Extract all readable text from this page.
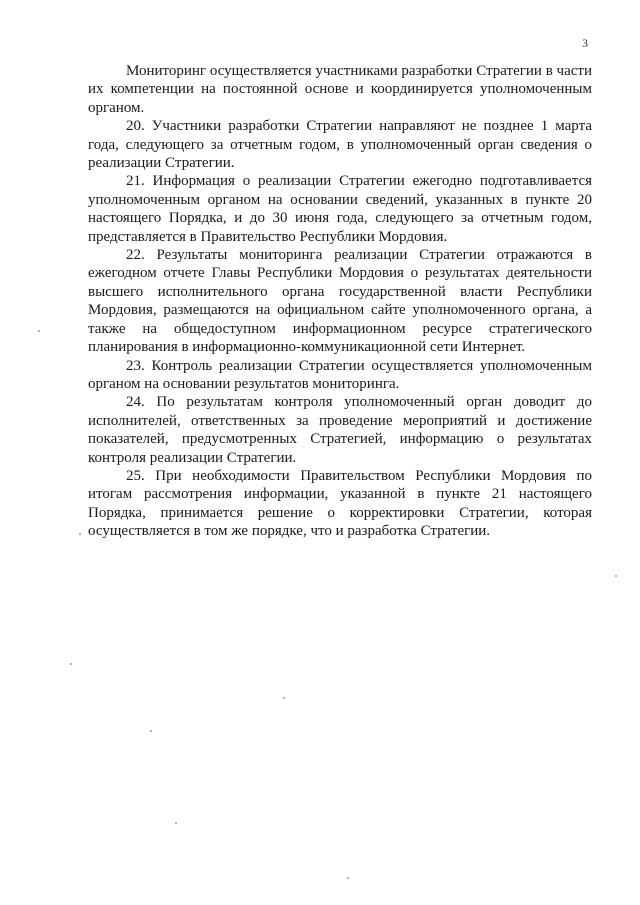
3

Мониторинг осуществляется участниками разработки Стратегии в части их компетенции на постоянной основе и координируется уполномоченным органом.

20. Участники разработки Стратегии направляют не позднее 1 марта года, следующего за отчетным годом, в уполномоченный орган сведения о реализации Стратегии.

21. Информация о реализации Стратегии ежегодно подготавливается уполномоченным органом на основании сведений, указанных в пункте 20 настоящего Порядка, и до 30 июня года, следующего за отчетным годом, представляется в Правительство Республики Мордовия.

22. Результаты мониторинга реализации Стратегии отражаются в ежегодном отчете Главы Республики Мордовия о результатах деятельности высшего исполнительного органа государственной власти Республики Мордовия, размещаются на официальном сайте уполномоченного органа, а также на общедоступном информационном ресурсе стратегического планирования в информационно-коммуникационной сети Интернет.

23. Контроль реализации Стратегии осуществляется уполномоченным органом на основании результатов мониторинга.

24. По результатам контроля уполномоченный орган доводит до исполнителей, ответственных за проведение мероприятий и достижение показателей, предусмотренных Стратегией, информацию о результатах контроля реализации Стратегии.

25. При необходимости Правительством Республики Мордовия по итогам рассмотрения информации, указанной в пункте 21 настоящего Порядка, принимается решение о корректировки Стратегии, которая осуществляется в том же порядке, что и разработка Стратегии.
